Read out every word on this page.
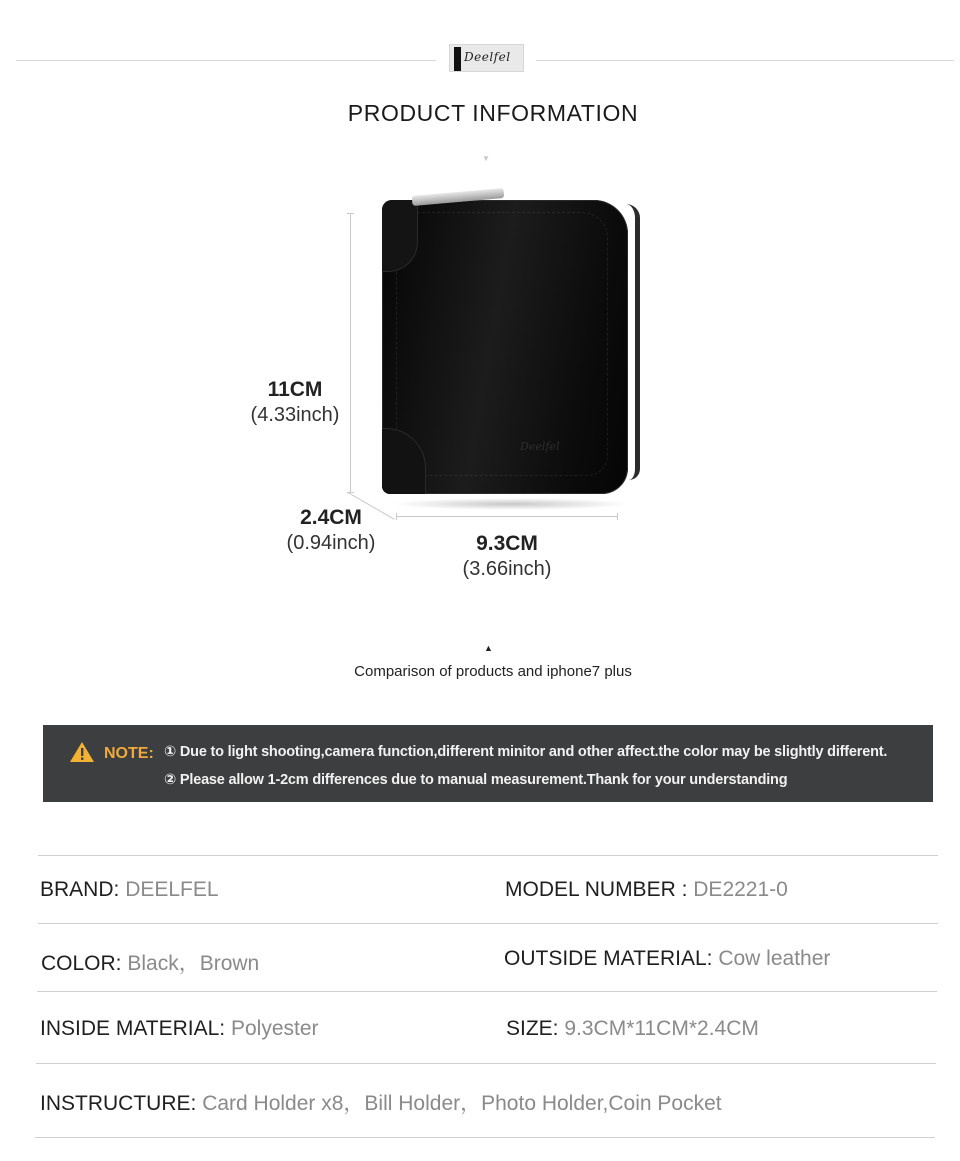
Deelfel
PRODUCT INFORMATION
▼
Deelfel
11CM
(4.33inch)
2.4CM
(0.94inch)	9.3CM
(3.66inch)
▲
Comparison of products and iphone7 plus
NOTE: ① Due to light shooting,camera function,different minitor and other affect.the color may be slightly different.
② Please allow 1-2cm differences due to manual measurement.Thank for your understanding
BRAND: DEELFEL	MODEL NUMBER : DE2221-0
COLOR: Black，Brown	OUTSIDE MATERIAL: Cow leather
INSIDE MATERIAL: Polyester	SIZE: 9.3CM*11CM*2.4CM
INSTRUCTURE: Card Holder x8，Bill Holder，Photo Holder,Coin Pocket
